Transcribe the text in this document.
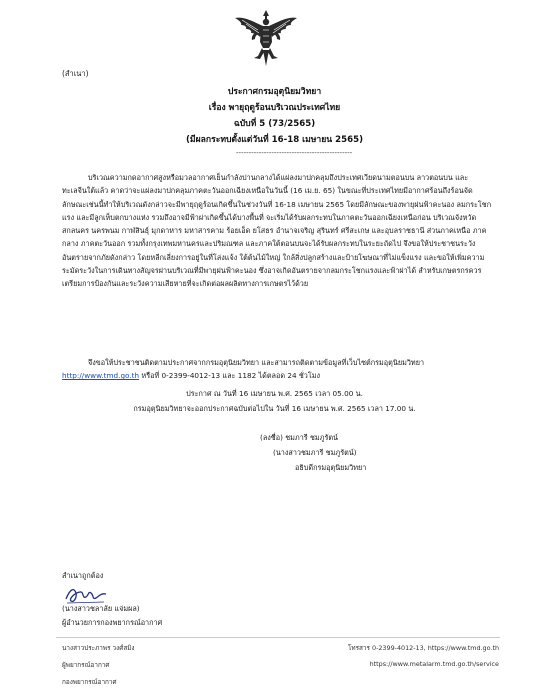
(สำเนา)
ประกาศกรมอุตุนิยมวิทยา
เรื่อง พายุฤดูร้อนบริเวณประเทศไทย
ฉบับที่ 5 (73/2565)
(มีผลกระทบตั้งแต่วันที่ 16-18 เมษายน 2565)
----------------------------------------------
บริเวณความกดอากาศสูงหรือมวลอากาศเย็นกำลังปานกลางได้แผ่ลงมาปกคลุมถึงประเทศเวียดนามตอนบน ลาวตอนบน และทะเลจีนใต้แล้ว คาดว่าจะแผ่ลงมาปกคลุมภาคตะวันออกเฉียงเหนือในวันนี้ (16 เม.ย. 65) ในขณะที่ประเทศไทยมีอากาศร้อนถึงร้อนจัด ลักษณะเช่นนี้ทำให้บริเวณดังกล่าวจะมีพายุฤดูร้อนเกิดขึ้นในช่วงวันที่ 16-18 เมษายน 2565 โดยมีลักษณะของพายุฝนฟ้าคะนอง ลมกระโชกแรง และมีลูกเห็บตกบางแห่ง รวมถึงอาจมีฟ้าผ่าเกิดขึ้นได้บางพื้นที่ จะเริ่มได้รับผลกระทบในภาคตะวันออกเฉียงเหนือก่อน บริเวณจังหวัดสกลนคร นครพนม กาฬสินธุ์ มุกดาหาร มหาสารคาม ร้อยเอ็ด ยโสธร อำนาจเจริญ สุรินทร์ ศรีสะเกษ และอุบลราชธานี ส่วนภาคเหนือ ภาคกลาง ภาคตะวันออก รวมทั้งกรุงเทพมหานครและปริมณฑล และภาคใต้ตอนบนจะได้รับผลกระทบในระยะถัดไป จึงขอให้ประชาชนระวังอันตรายจากภัยดังกล่าว โดยหลีกเลี่ยงการอยู่ในที่โล่งแจ้ง ใต้ต้นไม้ใหญ่ ใกล้สิ่งปลูกสร้างและป้ายโฆษณาที่ไม่แข็งแรง และขอให้เพิ่มความระมัดระวังในการเดินทางสัญจรผ่านบริเวณที่มีพายุฝนฟ้าคะนอง ซึ่งอาจเกิดอันตรายจากลมกระโชกแรงและฟ้าผ่าได้ สำหรับเกษตรกรควรเตรียมการป้องกันและระวังความเสียหายที่จะเกิดต่อผลผลิตทางการเกษตรไว้ด้วย
จึงขอให้ประชาชนติดตามประกาศจากกรมอุตุนิยมวิทยา และสามารถติดตามข้อมูลที่เว็บไซต์กรมอุตุนิยมวิทยา http://www.tmd.go.th หรือที่ 0-2399-4012-13 และ 1182 ได้ตลอด 24 ชั่วโมง
ประกาศ ณ วันที่ 16 เมษายน พ.ศ. 2565 เวลา 05.00 น.
กรมอุตุนิยมวิทยาจะออกประกาศฉบับต่อไปใน วันที่ 16 เมษายน พ.ศ. 2565 เวลา 17.00 น.
(ลงชื่อ) ชมภารี ชมภูรัตน์
(นางสาวชมภารี ชมภูรัตน์)
อธิบดีกรมอุตุนิยมวิทยา
สำเนาถูกต้อง
(นางสาวชลาลัย แจ่มผล)
ผู้อำนวยการกองพยากรณ์อากาศ
นางสาวประภาพร วงศ์สมิง
ผู้พยากรณ์อากาศ
กองพยากรณ์อากาศ
โทรสาร 0-2399-4012-13, https://www.tmd.go.th
https://www.metalarm.tmd.go.th/service
